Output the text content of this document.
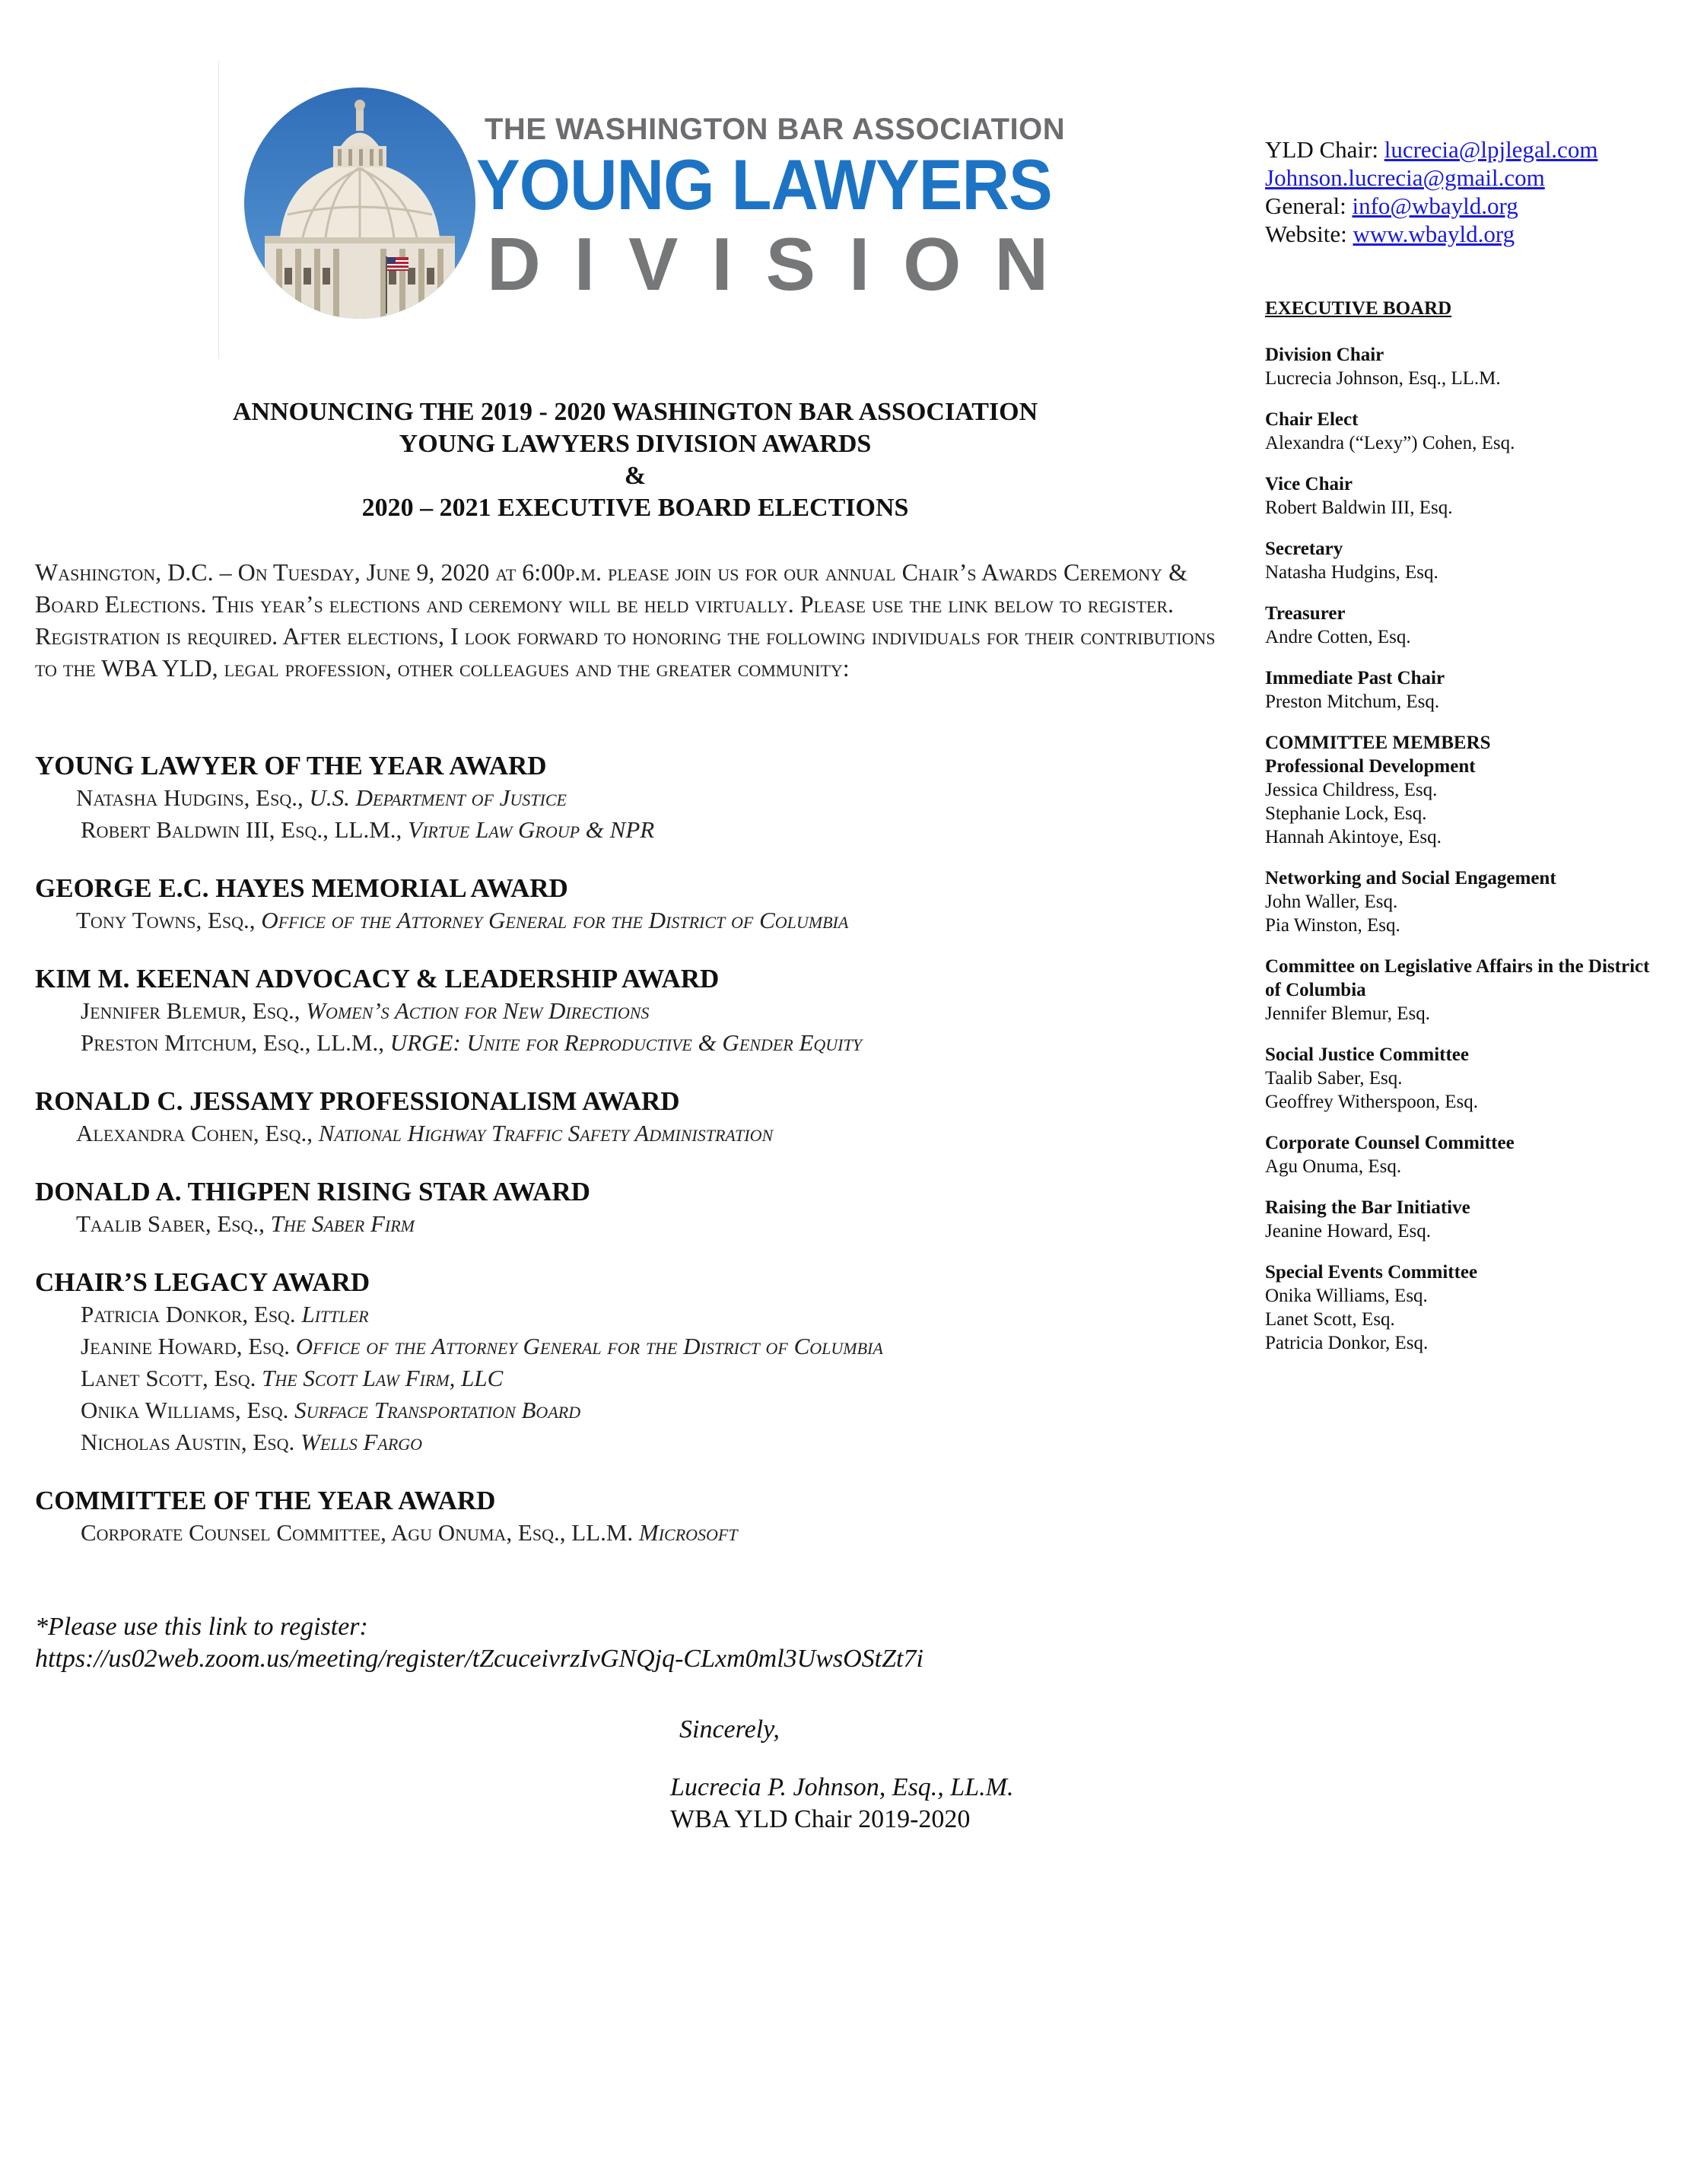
THE WASHINGTON BAR ASSOCIATION
YOUNG LAWYERS
DIVISION
YLD Chair: lucrecia@lpjlegal.com
Johnson.lucrecia@gmail.com
General: info@wbayld.org
Website: www.wbayld.org
EXECUTIVE BOARD
Division Chair
Lucrecia Johnson, Esq., LL.M.
Chair Elect
Alexandra (“Lexy”) Cohen, Esq.
Vice Chair
Robert Baldwin III, Esq.
Secretary
Natasha Hudgins, Esq.
Treasurer
Andre Cotten, Esq.
Immediate Past Chair
Preston Mitchum, Esq.
COMMITTEE MEMBERS
Professional Development
Jessica Childress, Esq.
Stephanie Lock, Esq.
Hannah Akintoye, Esq.
Networking and Social Engagement
John Waller, Esq.
Pia Winston, Esq.
Committee on Legislative Affairs in the District of Columbia
Jennifer Blemur, Esq.
Social Justice Committee
Taalib Saber, Esq.
Geoffrey Witherspoon, Esq.
Corporate Counsel Committee
Agu Onuma, Esq.
Raising the Bar Initiative
Jeanine Howard, Esq.
Special Events Committee
Onika Williams, Esq.
Lanet Scott, Esq.
Patricia Donkor, Esq.
ANNOUNCING THE 2019 - 2020 WASHINGTON BAR ASSOCIATION
YOUNG LAWYERS DIVISION AWARDS
&
2020 – 2021 EXECUTIVE BOARD ELECTIONS
Washington, D.C. – On Tuesday, June 9, 2020 at 6:00p.m. please join us for our annual Chair’s Awards Ceremony & Board Elections. This year’s elections and ceremony will be held virtually. Please use the link below to register. Registration is required. After elections, I look forward to honoring the following individuals for their contributions to the WBA YLD, legal profession, other colleagues and the greater community:
YOUNG LAWYER OF THE YEAR AWARD
Natasha Hudgins, Esq., U.S. Department of Justice
Robert Baldwin III, Esq., LL.M., Virtue Law Group & NPR
GEORGE E.C. HAYES MEMORIAL AWARD
Tony Towns, Esq., Office of the Attorney General for the District of Columbia
KIM M. KEENAN ADVOCACY & LEADERSHIP AWARD
Jennifer Blemur, Esq., Women’s Action for New Directions
Preston Mitchum, Esq., LL.M., URGE: Unite for Reproductive & Gender Equity
RONALD C. JESSAMY PROFESSIONALISM AWARD
Alexandra Cohen, Esq., National Highway Traffic Safety Administration
DONALD A. THIGPEN RISING STAR AWARD
Taalib Saber, Esq., The Saber Firm
CHAIR’S LEGACY AWARD
Patricia Donkor, Esq. Littler
Jeanine Howard, Esq. Office of the Attorney General for the District of Columbia
Lanet Scott, Esq. The Scott Law Firm, LLC
Onika Williams, Esq. Surface Transportation Board
Nicholas Austin, Esq. Wells Fargo
COMMITTEE OF THE YEAR AWARD
Corporate Counsel Committee, Agu Onuma, Esq., LL.M. Microsoft
*Please use this link to register:
https://us02web.zoom.us/meeting/register/tZcuceivrzIvGNQjq-CLxm0ml3UwsOStZt7i
Sincerely,
Lucrecia P. Johnson, Esq., LL.M.
WBA YLD Chair 2019-2020
